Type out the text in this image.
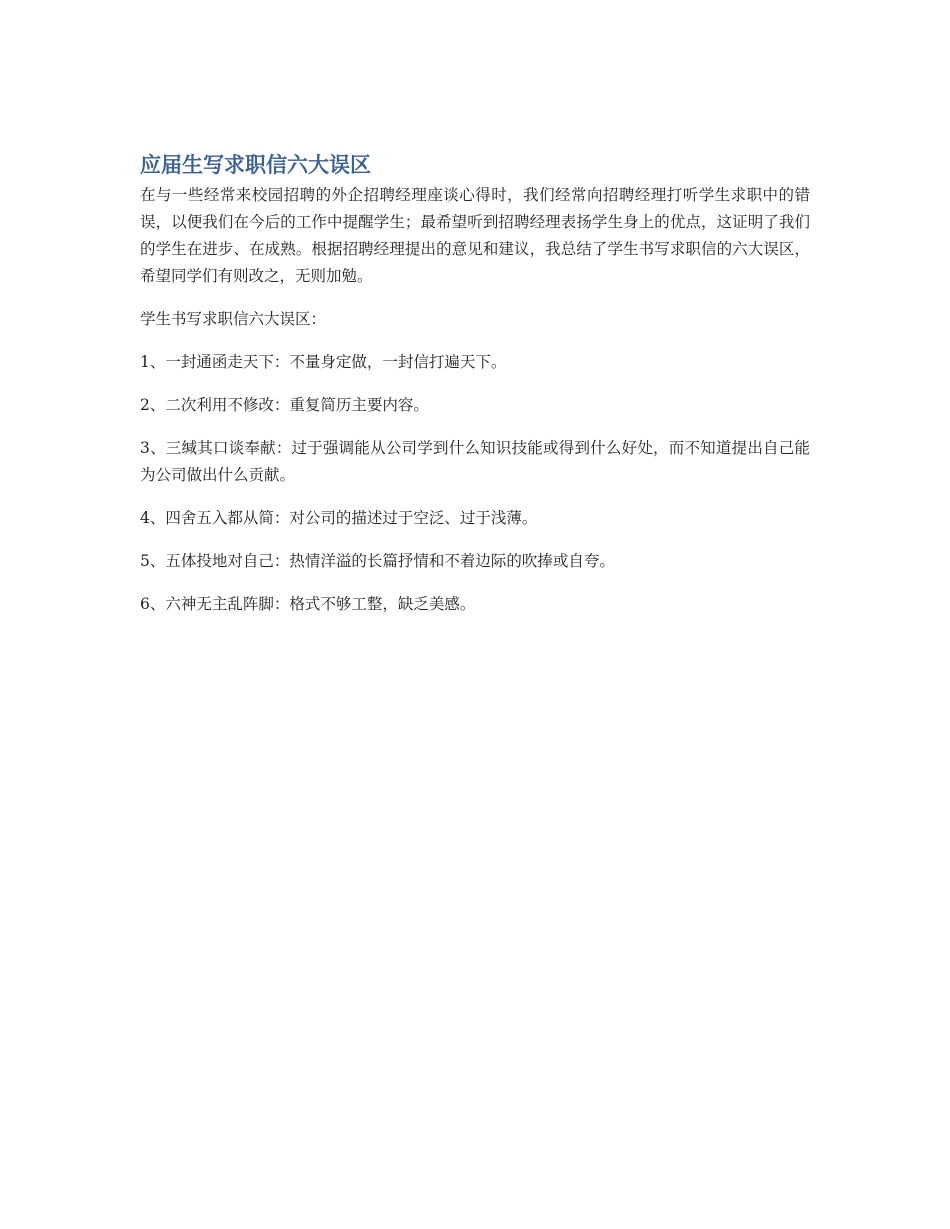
应届生写求职信六大误区

在与一些经常来校园招聘的外企招聘经理座谈心得时，我们经常向招聘经理打听学生求职中的错误，以便我们在今后的工作中提醒学生；最希望听到招聘经理表扬学生身上的优点，这证明了我们的学生在进步、在成熟。根据招聘经理提出的意见和建议，我总结了学生书写求职信的六大误区，希望同学们有则改之，无则加勉。

学生书写求职信六大误区：

1、一封通函走天下：不量身定做，一封信打遍天下。

2、二次利用不修改：重复简历主要内容。

3、三缄其口谈奉献：过于强调能从公司学到什么知识技能或得到什么好处，而不知道提出自己能为公司做出什么贡献。

4、四舍五入都从简：对公司的描述过于空泛、过于浅薄。

5、五体投地对自己：热情洋溢的长篇抒情和不着边际的吹捧或自夸。

6、六神无主乱阵脚：格式不够工整，缺乏美感。
